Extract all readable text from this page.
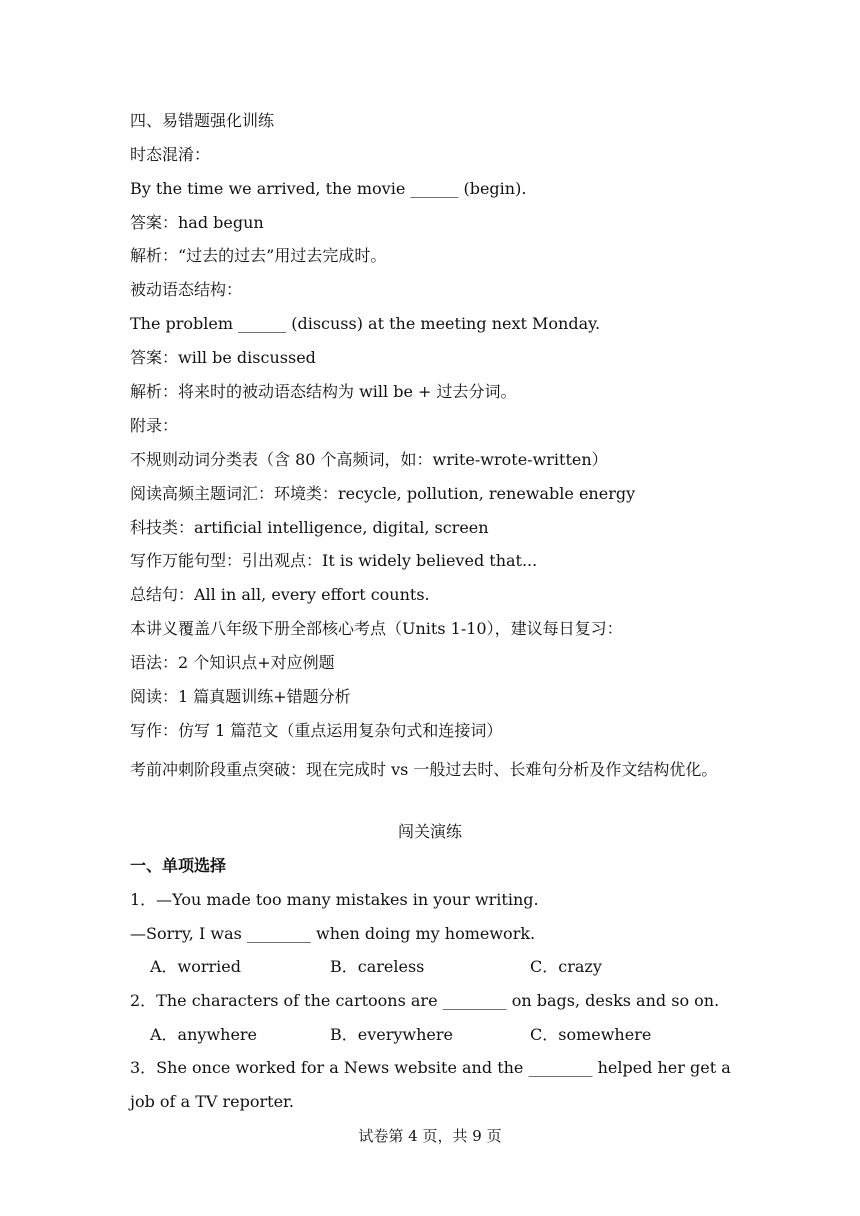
四、易错题强化训练
时态混淆：
By the time we arrived, the movie ______ (begin).
答案：had begun
解析：“过去的过去”用过去完成时。
被动语态结构：
The problem ______ (discuss) at the meeting next Monday.
答案：will be discussed
解析：将来时的被动语态结构为 will be + 过去分词。
附录：
不规则动词分类表（含 80 个高频词，如：write-wrote-written）
阅读高频主题词汇：环境类：recycle, pollution, renewable energy
科技类：artificial intelligence, digital, screen
写作万能句型：引出观点：It is widely believed that...
总结句：All in all, every effort counts.
本讲义覆盖八年级下册全部核心考点（Units 1-10），建议每日复习：
语法：2 个知识点+对应例题
阅读：1 篇真题训练+错题分析
写作：仿写 1 篇范文（重点运用复杂句式和连接词）
考前冲刺阶段重点突破：现在完成时 vs 一般过去时、长难句分析及作文结构优化。
闯关演练
一、单项选择
1．—You made too many mistakes in your writing.
—Sorry, I was ________ when doing my homework.
A．worried	B．careless	C．crazy
2．The characters of the cartoons are ________ on bags, desks and so on.
A．anywhere	B．everywhere	C．somewhere
3．She once worked for a News website and the ________ helped her get a job of a TV reporter.
试卷第 4 页，共 9 页
